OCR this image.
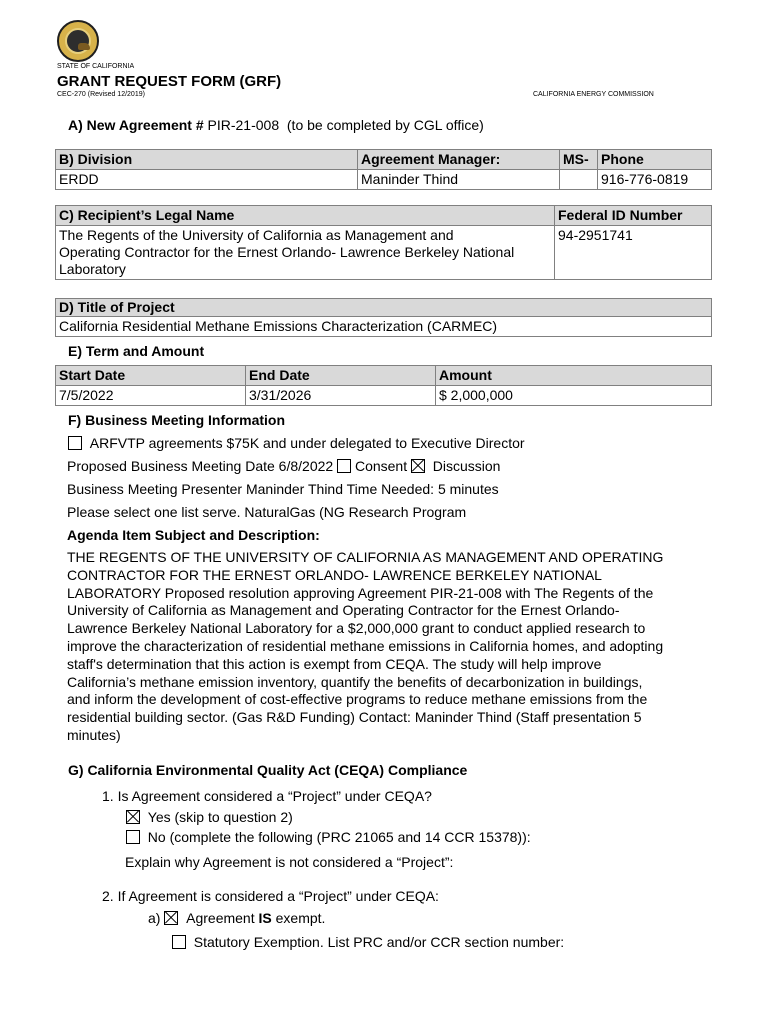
STATE OF CALIFORNIA
GRANT REQUEST FORM (GRF)
CEC-270 (Revised 12/2019)	CALIFORNIA ENERGY COMMISSION
A) New Agreement # PIR-21-008 (to be completed by CGL office)
B) Division	Agreement Manager:	MS-	Phone
ERDD	Maninder Thind		916-776-0819
C) Recipient’s Legal Name	Federal ID Number

The Regents of the University of California as Management and
Operating Contractor for the Ernest Orlando- Lawrence Berkeley National
Laboratory	94-2951741
D) Title of Project
California Residential Methane Emissions Characterization (CARMEC)
E) Term and Amount
Start Date	End Date	Amount
7/5/2022	3/31/2026	$ 2,000,000
F) Business Meeting Information
ARFVTP agreements $75K and under delegated to Executive Director
Proposed Business Meeting Date 6/8/2022 Consent Discussion
Business Meeting Presenter Maninder Thind Time Needed: 5 minutes
Please select one list serve. NaturalGas (NG Research Program
Agenda Item Subject and Description:
THE REGENTS OF THE UNIVERSITY OF CALIFORNIA AS MANAGEMENT AND OPERATING
CONTRACTOR FOR THE ERNEST ORLANDO- LAWRENCE BERKELEY NATIONAL
LABORATORY Proposed resolution approving Agreement PIR-21-008 with The Regents of the
University of California as Management and Operating Contractor for the Ernest Orlando-
Lawrence Berkeley National Laboratory for a $2,000,000 grant to conduct applied research to
improve the characterization of residential methane emissions in California homes, and adopting
staff's determination that this action is exempt from CEQA. The study will help improve
California’s methane emission inventory, quantify the benefits of decarbonization in buildings,
and inform the development of cost-effective programs to reduce methane emissions from the
residential building sector. (Gas R&D Funding) Contact: Maninder Thind (Staff presentation 5
minutes)
G) California Environmental Quality Act (CEQA) Compliance
1. Is Agreement considered a “Project” under CEQA?
Yes (skip to question 2)
No (complete the following (PRC 21065 and 14 CCR 15378)):
Explain why Agreement is not considered a “Project”:
2. If Agreement is considered a “Project” under CEQA:
a) Agreement IS exempt.
Statutory Exemption. List PRC and/or CCR section number:
